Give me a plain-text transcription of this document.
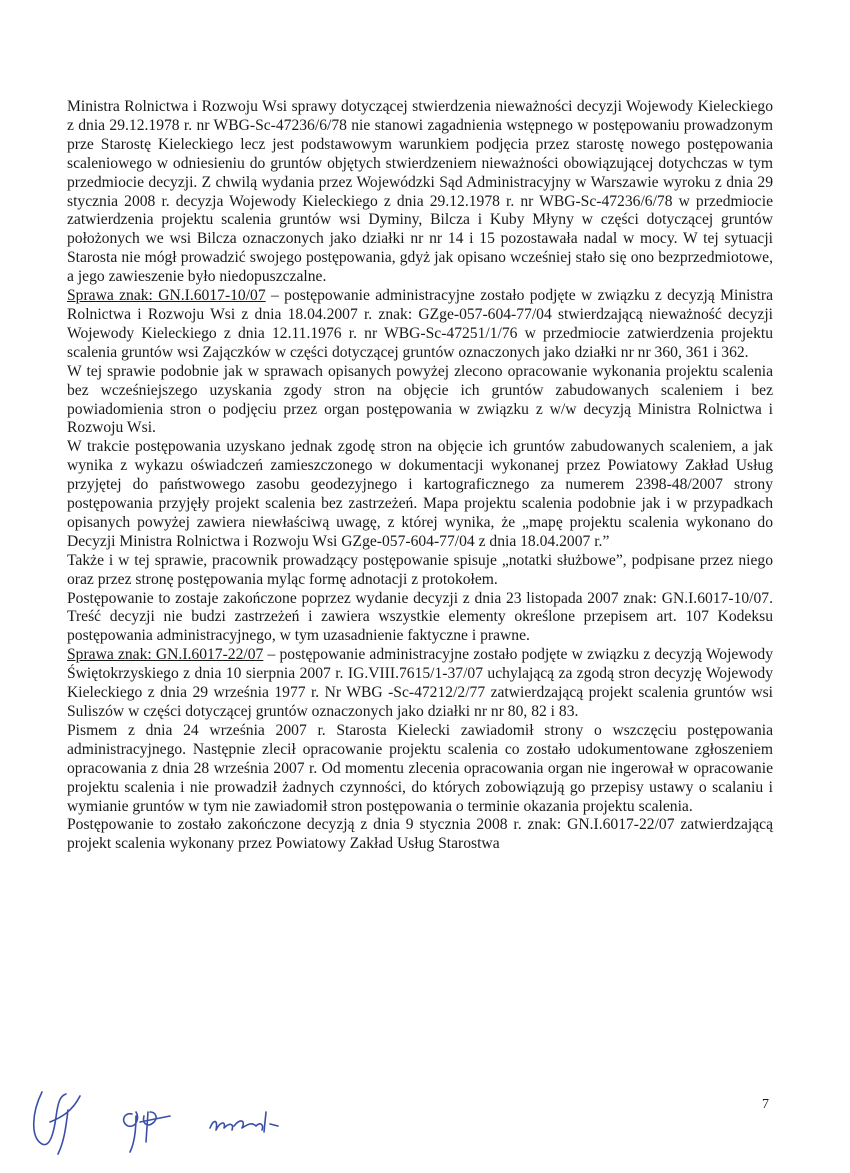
Ministra Rolnictwa i Rozwoju Wsi sprawy dotyczącej stwierdzenia nieważności decyzji Wojewody Kieleckiego z dnia 29.12.1978 r. nr WBG-Sc-47236/6/78 nie stanowi zagadnienia wstępnego w postępowaniu prowadzonym prze Starostę Kieleckiego lecz jest podstawowym warunkiem podjęcia przez starostę nowego postępowania scaleniowego w odniesieniu do gruntów objętych stwierdzeniem nieważności obowiązującej dotychczas w tym przedmiocie decyzji. Z chwilą wydania przez Wojewódzki Sąd Administracyjny w Warszawie wyroku z dnia 29 stycznia 2008 r. decyzja Wojewody Kieleckiego z dnia 29.12.1978 r. nr WBG-Sc-47236/6/78 w przedmiocie zatwierdzenia projektu scalenia gruntów wsi Dyminy, Bilcza i Kuby Młyny w części dotyczącej gruntów położonych we wsi Bilcza oznaczonych jako działki nr nr 14 i 15 pozostawała nadal w mocy. W tej sytuacji Starosta nie mógł prowadzić swojego postępowania, gdyż jak opisano wcześniej stało się ono bezprzedmiotowe, a jego zawieszenie było niedopuszczalne.

Sprawa znak: GN.I.6017-10/07 – postępowanie administracyjne zostało podjęte w związku z decyzją Ministra Rolnictwa i Rozwoju Wsi z dnia 18.04.2007 r. znak: GZge-057-604-77/04 stwierdzającą nieważność decyzji Wojewody Kieleckiego z dnia 12.11.1976 r. nr WBG-Sc-47251/1/76 w przedmiocie zatwierdzenia projektu scalenia gruntów wsi Zajączków w części dotyczącej gruntów oznaczonych jako działki nr nr 360, 361 i 362.

W tej sprawie podobnie jak w sprawach opisanych powyżej zlecono opracowanie wykonania projektu scalenia bez wcześniejszego uzyskania zgody stron na objęcie ich gruntów zabudowanych scaleniem i bez powiadomienia stron o podjęciu przez organ postępowania w związku z w/w decyzją Ministra Rolnictwa i Rozwoju Wsi.

W trakcie postępowania uzyskano jednak zgodę stron na objęcie ich gruntów zabudowanych scaleniem, a jak wynika z wykazu oświadczeń zamieszczonego w dokumentacji wykonanej przez Powiatowy Zakład Usług przyjętej do państwowego zasobu geodezyjnego i kartograficznego za numerem 2398-48/2007 strony postępowania przyjęły projekt scalenia bez zastrzeżeń. Mapa projektu scalenia podobnie jak i w przypadkach opisanych powyżej zawiera niewłaściwą uwagę, z której wynika, że „mapę projektu scalenia wykonano do Decyzji Ministra Rolnictwa i Rozwoju Wsi GZge-057-604-77/04 z dnia 18.04.2007 r.”

Także i w tej sprawie, pracownik prowadzący postępowanie spisuje „notatki służbowe”, podpisane przez niego oraz przez stronę postępowania myląc formę adnotacji z protokołem.

Postępowanie to zostaje zakończone poprzez wydanie decyzji z dnia 23 listopada 2007 znak: GN.I.6017-10/07. Treść decyzji nie budzi zastrzeżeń i zawiera wszystkie elementy określone przepisem art. 107 Kodeksu postępowania administracyjnego, w tym uzasadnienie faktyczne i prawne.

Sprawa znak: GN.I.6017-22/07 – postępowanie administracyjne zostało podjęte w związku z decyzją Wojewody Świętokrzyskiego z dnia 10 sierpnia 2007 r. IG.VIII.7615/1-37/07 uchylającą za zgodą stron decyzję Wojewody Kieleckiego z dnia 29 września 1977 r. Nr WBG -Sc-47212/2/77 zatwierdzającą projekt scalenia gruntów wsi Suliszów w części dotyczącej gruntów oznaczonych jako działki nr nr 80, 82 i 83.

Pismem z dnia 24 września 2007 r. Starosta Kielecki zawiadomił strony o wszczęciu postępowania administracyjnego. Następnie zlecił opracowanie projektu scalenia co zostało udokumentowane zgłoszeniem opracowania z dnia 28 września 2007 r. Od momentu zlecenia opracowania organ nie ingerował w opracowanie projektu scalenia i nie prowadził żadnych czynności, do których zobowiązują go przepisy ustawy o scalaniu i wymianie gruntów w tym nie zawiadomił stron postępowania o terminie okazania projektu scalenia.

Postępowanie to zostało zakończone decyzją z dnia 9 stycznia 2008 r. znak: GN.I.6017-22/07 zatwierdzającą projekt scalenia wykonany przez Powiatowy Zakład Usług Starostwa

7
